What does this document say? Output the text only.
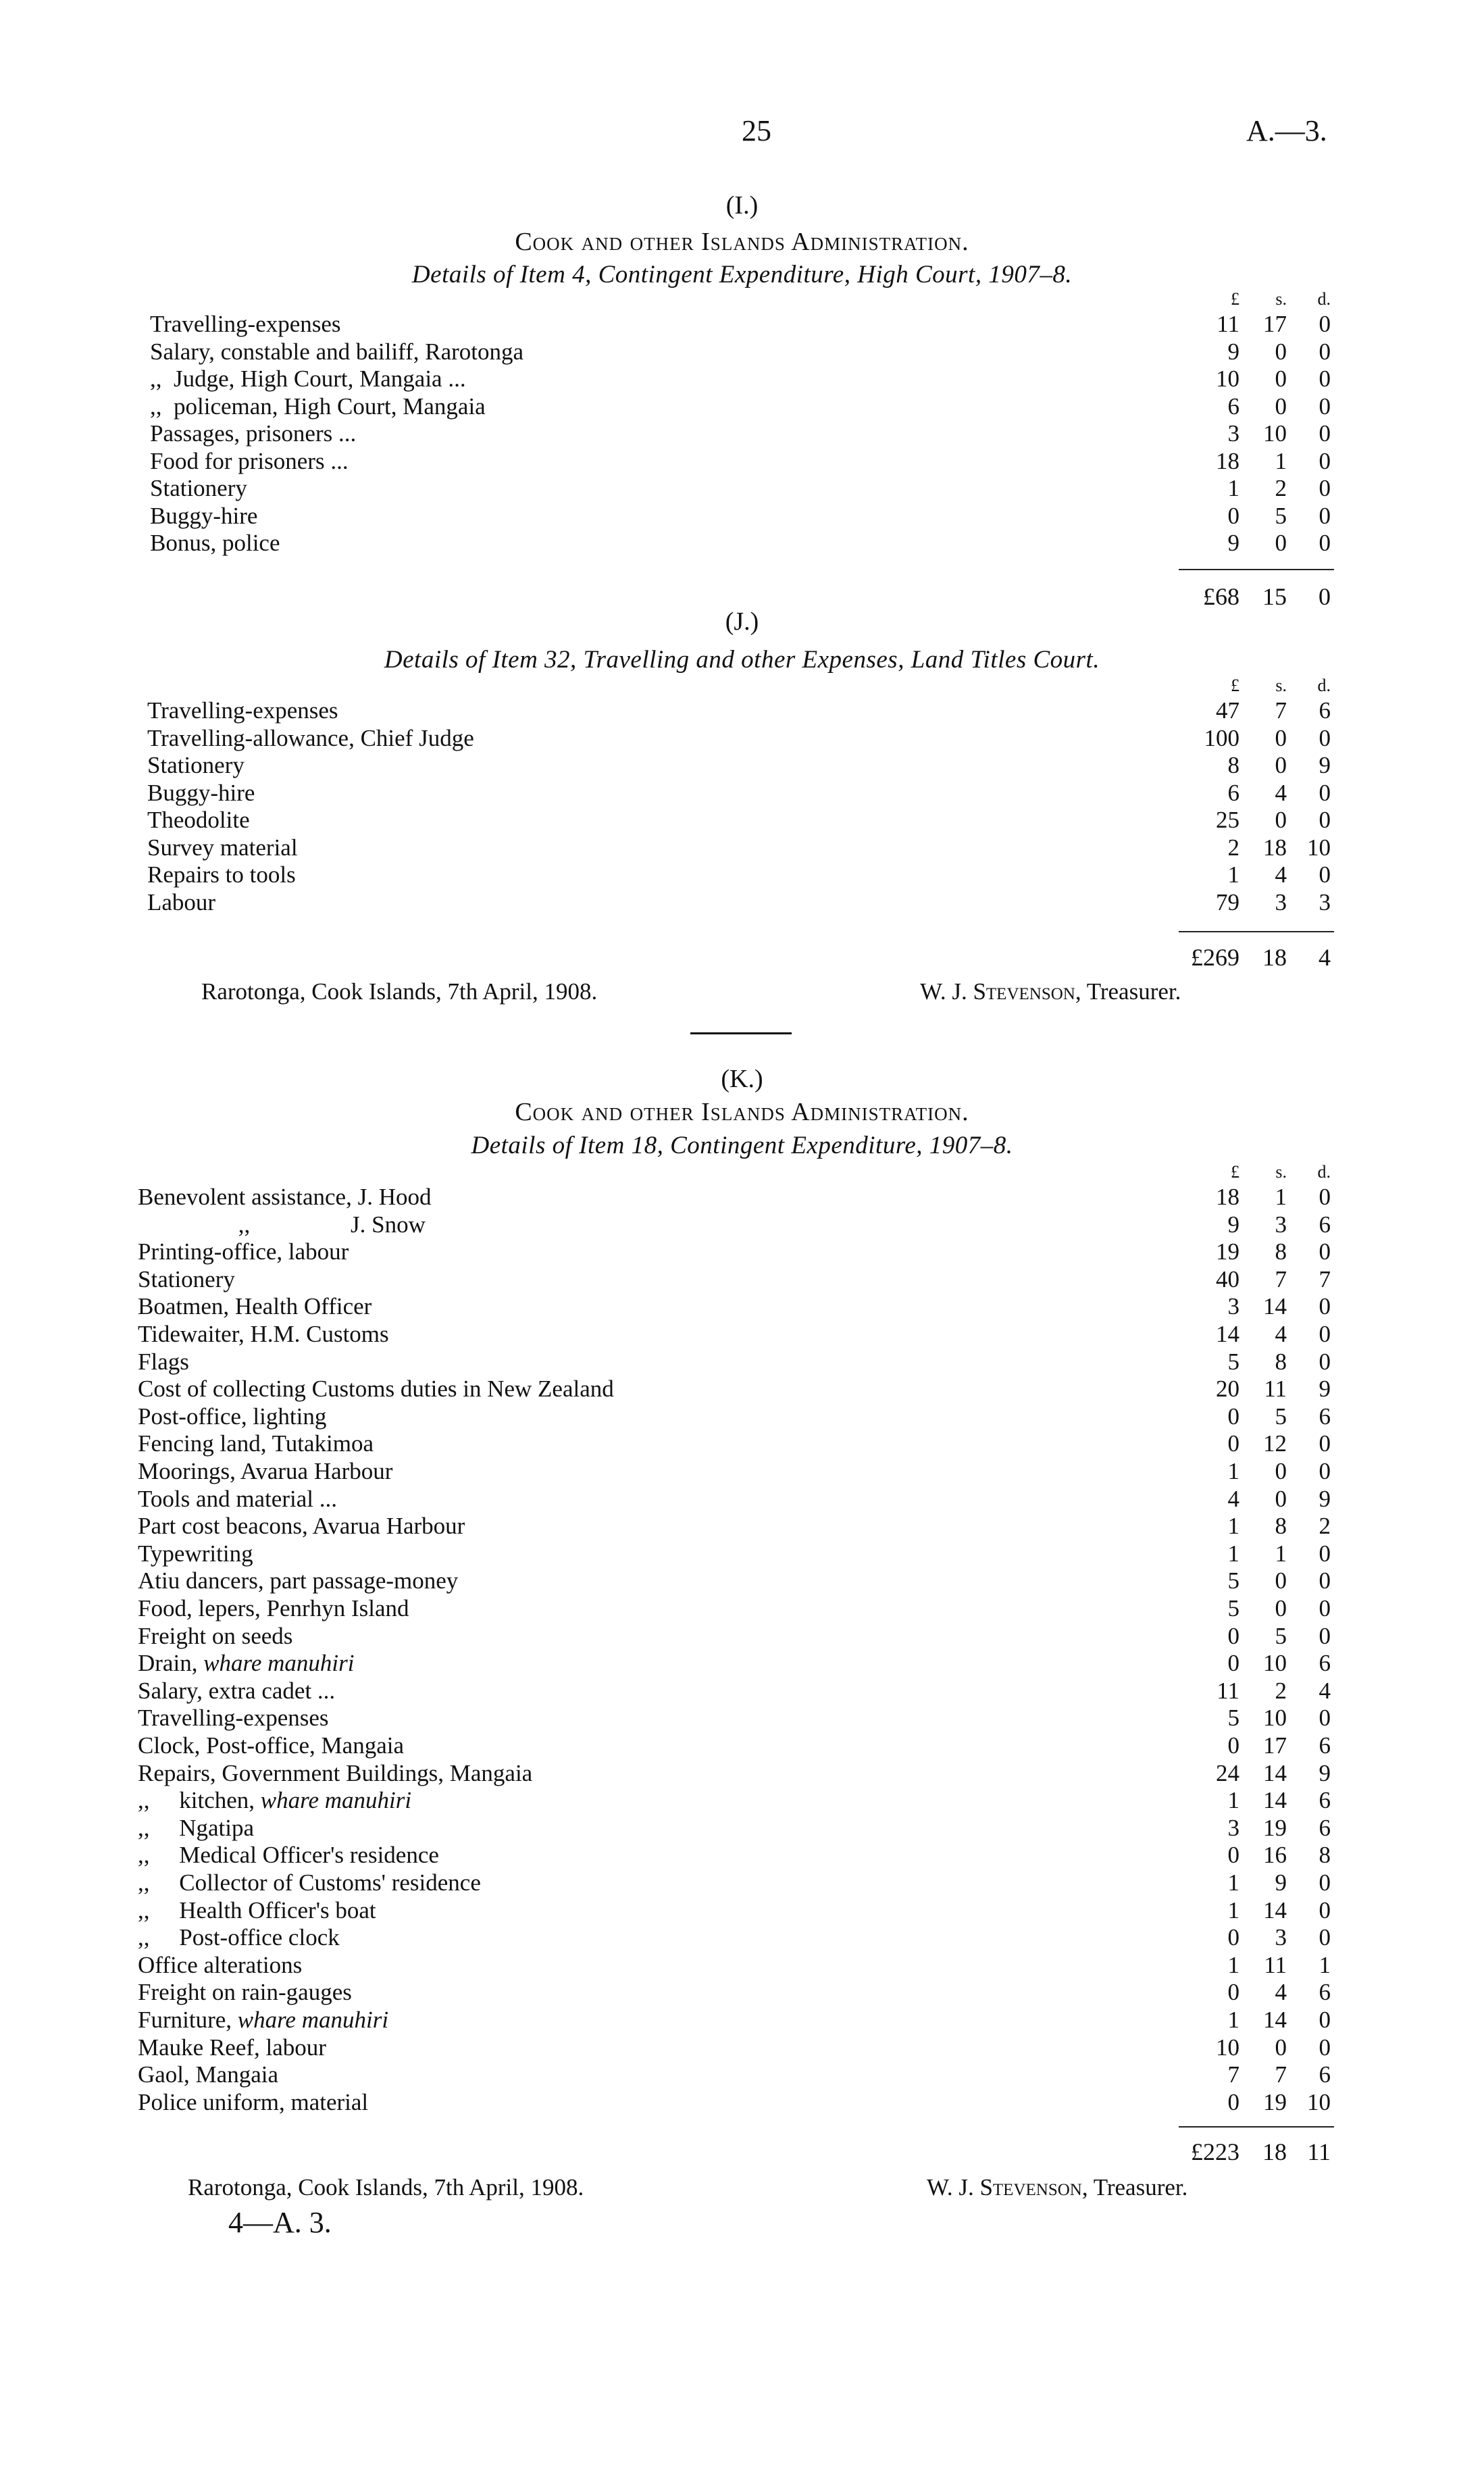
25	A.—3.
(I.)
Cook and other Islands Administration.
Details of Item 4, Contingent Expenditure, High Court, 1907–8.
£	s.	d.
Travelling-expenses	11	17	0
Salary, constable and bailiff, Rarotonga	9	0	0
,,  Judge, High Court, Mangaia ...	10	0	0
,,  policeman, High Court, Mangaia	6	0	0
Passages, prisoners ...	3	10	0
Food for prisoners ...	18	1	0
Stationery	1	2	0
Buggy-hire	0	5	0
Bonus, police	9	0	0
£68 15	0
(J.)
Details of Item 32, Travelling and other Expenses, Land Titles Court.
£	s.	d.
Travelling-expenses	47	7	6
Travelling-allowance, Chief Judge	100	0	0
Stationery	8	0	9
Buggy-hire	6	4	0
Theodolite	25	0	0
Survey material	2	18 10
Repairs to tools	1	4	0
Labour	79	3	3
£269 18	4
Rarotonga, Cook Islands, 7th April, 1908.	W. J. Stevenson, Treasurer.
(K.)
Cook and other Islands Administration.
Details of Item 18, Contingent Expenditure, 1907–8.
£	s.	d.
Benevolent assistance, J. Hood	18	1	0
,,                 J. Snow	9	3	6
Printing-office, labour	19	8	0
Stationery	40	7	7
Boatmen, Health Officer	3	14	0
Tidewaiter, H.M. Customs	14	4	0
Flags	5	8	0
Cost of collecting Customs duties in New Zealand	20	11	9
Post-office, lighting	0	5	6
Fencing land, Tutakimoa	0	12	0
Moorings, Avarua Harbour	1	0	0
Tools and material ...	4	0	9
Part cost beacons, Avarua Harbour	1	8	2
Typewriting	1	1	0
Atiu dancers, part passage-money	5	0	0
Food, lepers, Penrhyn Island	5	0	0
Freight on seeds	0	5	0
Drain, whare manuhiri	0	10	6
Salary, extra cadet ...	11	2	4
Travelling-expenses	5	10	0
Clock, Post-office, Mangaia	0	17	6
Repairs, Government Buildings, Mangaia	24	14	9
,,     kitchen, whare manuhiri	1	14	6
,,     Ngatipa	3	19	6
,,     Medical Officer's residence	0	16	8
,,     Collector of Customs' residence	1	9	0
,,     Health Officer's boat	1	14	0
,,     Post-office clock	0	3	0
Office alterations	1	11	1
Freight on rain-gauges	0	4	6
Furniture, whare manuhiri	1	14	0
Mauke Reef, labour	10	0	0
Gaol, Mangaia	7	7	6
Police uniform, material	0	19 10
£223 18 11
Rarotonga, Cook Islands, 7th April, 1908.	W. J. Stevenson, Treasurer.
4—A. 3.
